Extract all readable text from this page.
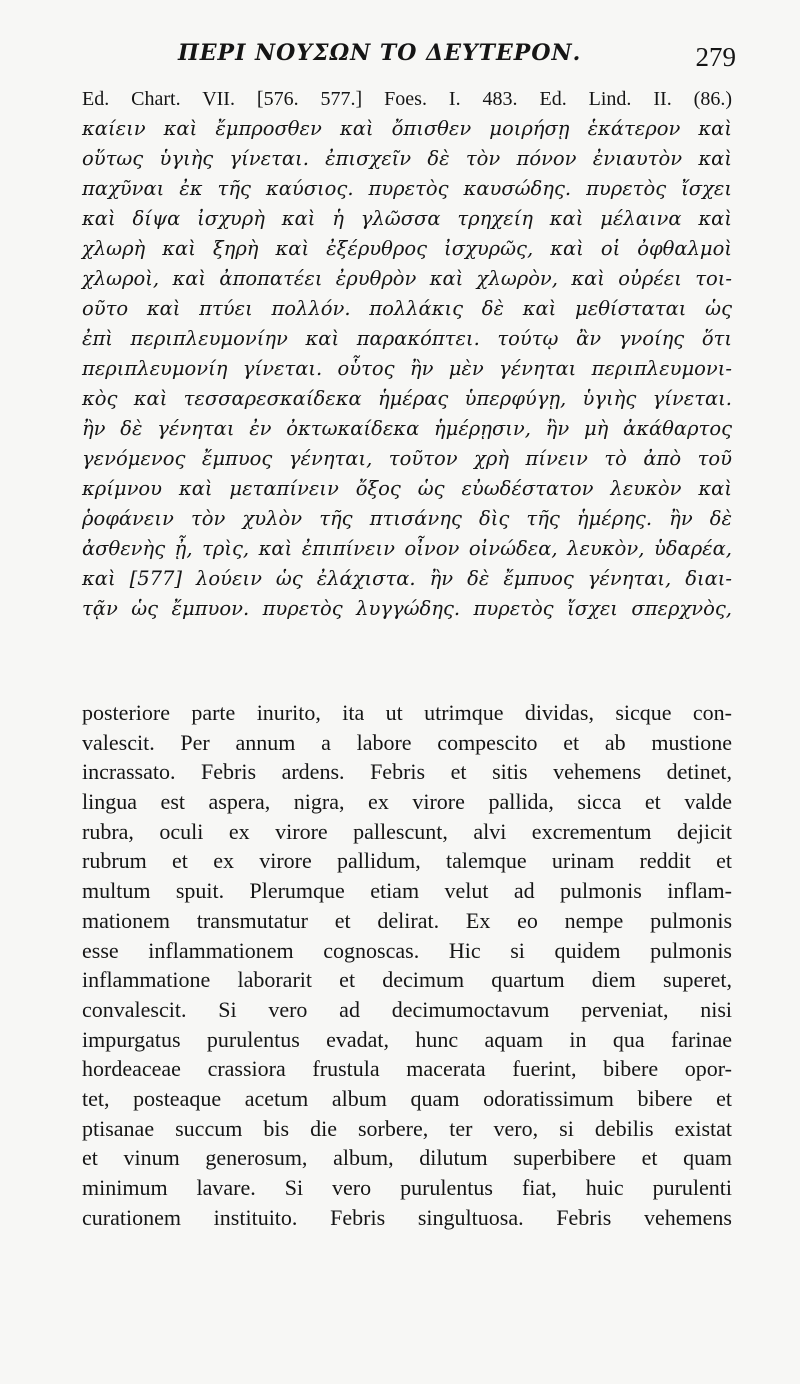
ΠΕΡΙ ΝΟΥΣΩΝ ΤΟ ΔΕΥΤΕΡΟΝ.	279
Ed. Chart. VII. [576. 577.] Foes. I. 483. Ed. Lind. II. (86.)
καίειν καὶ ἔμπροσθεν καὶ ὄπισθεν μοιρήσῃ ἑκάτερον καὶ
οὕτως ὑγιὴς γίνεται. ἐπισχεῖν δὲ τὸν πόνον ἐνιαυτὸν καὶ
παχῦναι ἐκ τῆς καύσιος. πυρετὸς καυσώδης. πυρετὸς ἴσχει
καὶ δίψα ἰσχυρὴ καὶ ἡ γλῶσσα τρηχείη καὶ μέλαινα καὶ
χλωρὴ καὶ ξηρὴ καὶ ἐξέρυθρος ἰσχυρῶς, καὶ οἱ ὀφθαλμοὶ
χλωροὶ, καὶ ἀποπατέει ἐρυθρὸν καὶ χλωρὸν, καὶ οὐρέει τοι-
οῦτο καὶ πτύει πολλόν. πολλάκις δὲ καὶ μεθίσταται ὡς
ἐπὶ περιπλευμονίην καὶ παρακόπτει. τούτῳ ἂν γνοίης ὅτι
περιπλευμονίη γίνεται. οὗτος ἢν μὲν γένηται περιπλευμονι-
κὸς καὶ τεσσαρεσκαίδεκα ἡμέρας ὑπερφύγῃ, ὑγιὴς γίνεται.
ἢν δὲ γένηται ἐν ὀκτωκαίδεκα ἡμέρῃσιν, ἢν μὴ ἀκάθαρτος
γενόμενος ἔμπυος γένηται, τοῦτον χρὴ πίνειν τὸ ἀπὸ τοῦ
κρίμνου καὶ μεταπίνειν ὄξος ὡς εὐωδέστατον λευκὸν καὶ
ῥοφάνειν τὸν χυλὸν τῆς πτισάνης δὶς τῆς ἡμέρης. ἢν δὲ
ἀσθενὴς ᾖ, τρὶς, καὶ ἐπιπίνειν οἶνον οἰνώδεα, λευκὸν, ὑδαρέα,
καὶ [577] λούειν ὡς ἐλάχιστα. ἢν δὲ ἔμπυος γένηται, διαι-
τᾷν ὡς ἔμπυον. πυρετὸς λυγγώδης. πυρετὸς ἴσχει σπερχνὸς,
posteriore parte inurito, ita ut utrimque dividas, sicque con-
valescit. Per annum a labore compescito et ab mustione
incrassato. Febris ardens. Febris et sitis vehemens detinet,
lingua est aspera, nigra, ex virore pallida, sicca et valde
rubra, oculi ex virore pallescunt, alvi excrementum dejicit
rubrum et ex virore pallidum, talemque urinam reddit et
multum spuit. Plerumque etiam velut ad pulmonis inflam-
mationem transmutatur et delirat. Ex eo nempe pulmonis
esse inflammationem cognoscas. Hic si quidem pulmonis
inflammatione laborarit et decimum quartum diem superet,
convalescit. Si vero ad decimumoctavum perveniat, nisi
impurgatus purulentus evadat, hunc aquam in qua farinae
hordeaceae crassiora frustula macerata fuerint, bibere opor-
tet, posteaque acetum album quam odoratissimum bibere et
ptisanae succum bis die sorbere, ter vero, si debilis existat
et vinum generosum, album, dilutum superbibere et quam
minimum lavare. Si vero purulentus fiat, huic purulenti
curationem instituito. Febris singultuosa. Febris vehemens
